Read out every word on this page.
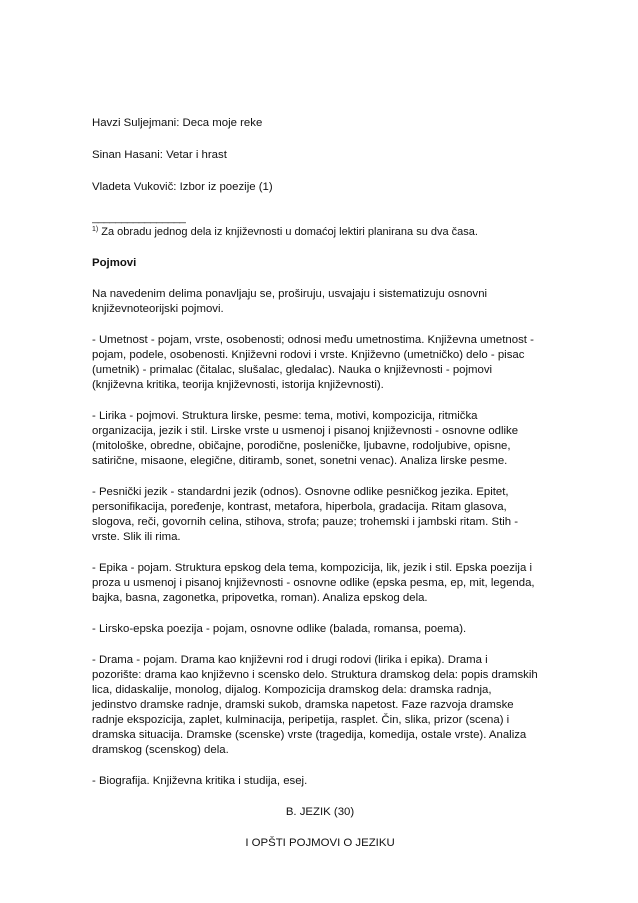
Havzi Suljejmani: Deca moje reke
Sinan Hasani: Vetar i hrast
Vladeta Vukovič: Izbor iz poezije (1)
________________
$^{1)}$ Za obradu jednog dela iz književnosti u domaćoj lektiri planirana su dva časa.
Pojmovi

Na navedenim delima ponavljaju se, proširuju, usvajaju i sistematizuju osnovni

književnoteorijski pojmovi.

- Umetnost - pojam, vrste, osobenosti; odnosi među umetnostima. Književna umetnost -

pojam, podele, osobenosti. Književni rodovi i vrste. Književno (umetničko) delo - pisac

(umetnik) - primalac (čitalac, slušalac, gledalac). Nauka o književnosti - pojmovi

(književna kritika, teorija književnosti, istorija književnosti).

- Lirika - pojmovi. Struktura lirske, pesme: tema, motivi, kompozicija, ritmička

organizacija, jezik i stil. Lirske vrste u usmenoj i pisanoj književnosti - osnovne odlike

(mitološke, obredne, običajne, porodične, posleničke, ljubavne, rodoljubive, opisne,

satirične, misaone, elegične, ditiramb, sonet, sonetni venac). Analiza lirske pesme.

- Pesnički jezik - standardni jezik (odnos). Osnovne odlike pesničkog jezika. Epitet,

personifikacija, poređenje, kontrast, metafora, hiperbola, gradacija. Ritam glasova,

slogova, reči, govornih celina, stihova, strofa; pauze; trohemski i jambski ritam. Stih -

vrste. Slik ili rima.

- Epika - pojam. Struktura epskog dela tema, kompozicija, lik, jezik i stil. Epska poezija i

proza u usmenoj i pisanoj književnosti - osnovne odlike (epska pesma, ep, mit, legenda,

bajka, basna, zagonetka, pripovetka, roman). Analiza epskog dela.

- Lirsko-epska poezija - pojam, osnovne odlike (balada, romansa, poema).

- Drama - pojam. Drama kao književni rod i drugi rodovi (lirika i epika). Drama i

pozorište: drama kao književno i scensko delo. Struktura dramskog dela: popis dramskih

lica, didaskalije, monolog, dijalog. Kompozicija dramskog dela: dramska radnja,

jedinstvo dramske radnje, dramski sukob, dramska napetost. Faze razvoja dramske

radnje ekspozicija, zaplet, kulminacija, peripetija, rasplet. Čin, slika, prizor (scena) i

dramska situacija. Dramske (scenske) vrste (tragedija, komedija, ostale vrste). Analiza

dramskog (scenskog) dela.

- Biografija. Književna kritika i studija, esej.

B. JEZIK (30)
I OPŠTI POJMOVI O JEZIKU
